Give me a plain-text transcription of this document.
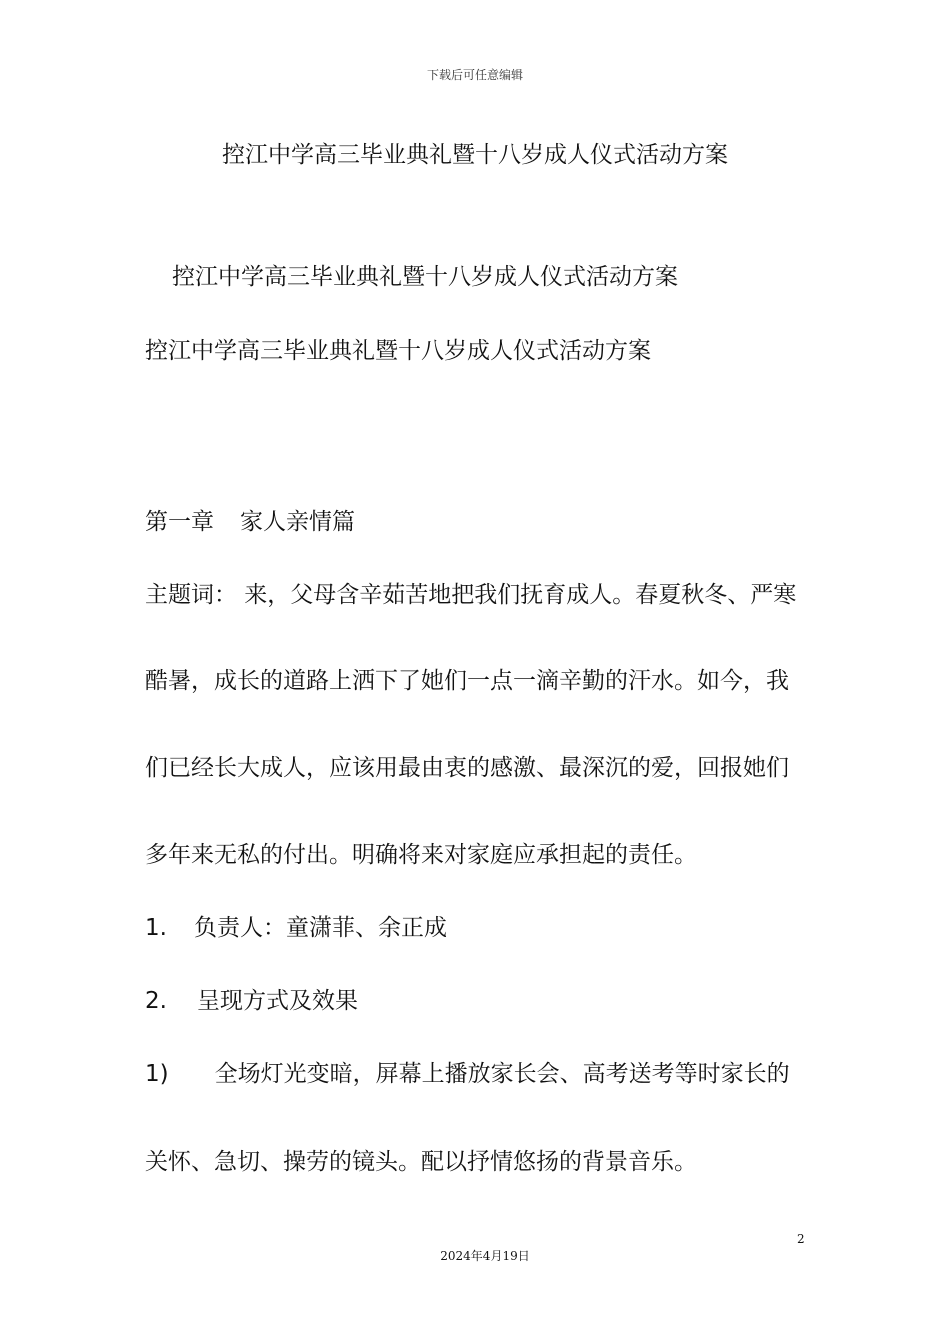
下载后可任意编辑
控江中学高三毕业典礼暨十八岁成人仪式活动方案
控江中学高三毕业典礼暨十八岁成人仪式活动方案
控江中学高三毕业典礼暨十八岁成人仪式活动方案
第一章 家人亲情篇
主题词： 来，父母含辛茹苦地把我们抚育成人。春夏秋冬、严寒
酷暑，成长的道路上洒下了她们一点一滴辛勤的汗水。如今，我
们已经长大成人，应该用最由衷的感激、最深沉的爱，回报她们
多年来无私的付出。明确将来对家庭应承担起的责任。
1. 负责人：童潇菲、余正成
2. 呈现方式及效果
1) 全场灯光变暗，屏幕上播放家长会、高考送考等时家长的
关怀、急切、操劳的镜头。配以抒情悠扬的背景音乐。
2
2024年4月19日
